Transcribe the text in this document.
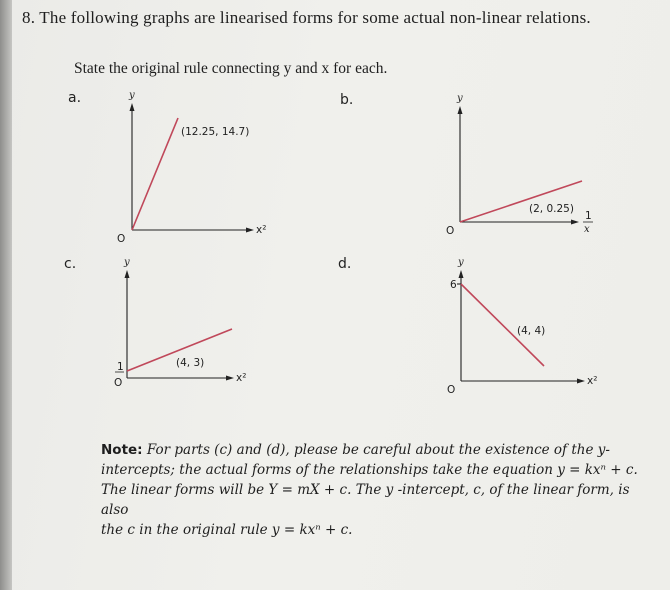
8. The following graphs are linearised forms for some actual non-linear relations.
State the original rule connecting y and x for each.
a.	y
x²
O
(12.25, 14.7)
b.	y
1
x
O
(2, 0.25)
c.	y
x²
O
1	(4, 3)
d.	y
6
x²
O
(4, 4)
Note: For parts (c) and (d), please be careful about the existence of the y-
intercepts; the actual forms of the relationships take the equation y = kxⁿ + c.
The linear forms will be Y = mX + c. The y -intercept, c, of the linear form, is also
the c in the original rule y = kxⁿ + c.
